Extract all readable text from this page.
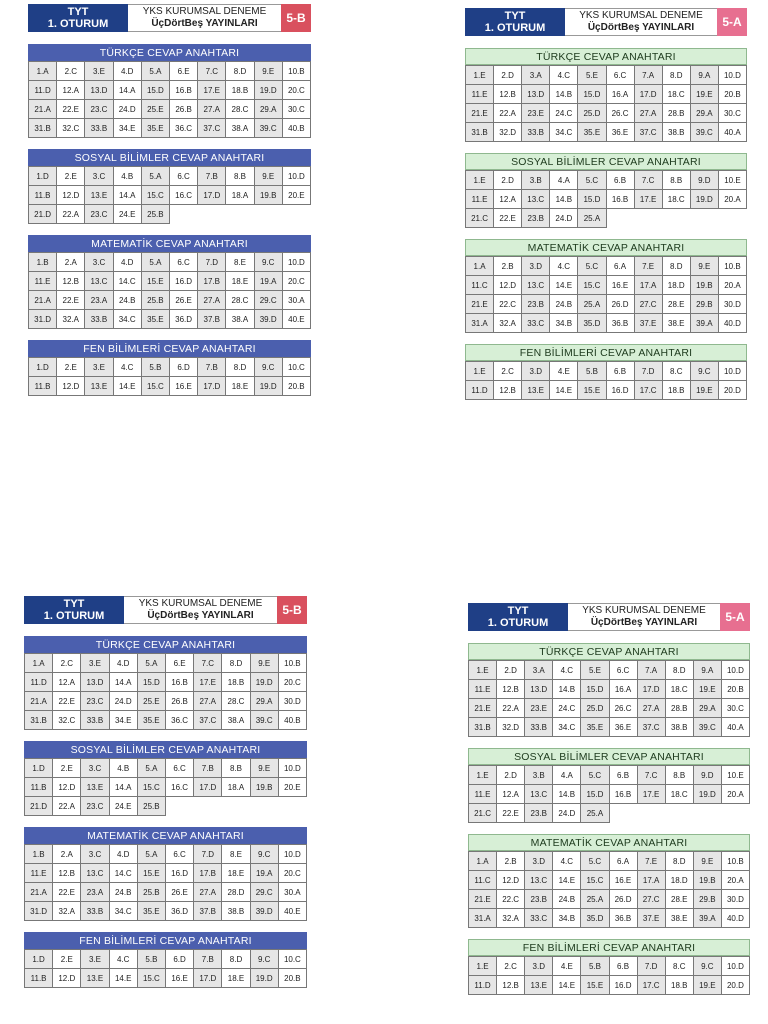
TYT
1. OTURUM
YKS KURUMSAL DENEME
ÜçDörtBeş YAYINLARI	5-B
TÜRKÇE CEVAP ANAHTARI
1.A	2.C	3.E	4.D	5.A	6.E	7.C	8.D	9.E	10.B
11.D	12.A	13.D	14.A	15.D	16.B	17.E	18.B	19.D	20.C
21.A	22.E	23.C	24.D	25.E	26.B	27.A	28.C	29.A	30.C
31.B	32.C	33.B	34.E	35.E	36.C	37.C	38.A	39.C	40.B
SOSYAL BİLİMLER CEVAP ANAHTARI
1.D	2.E	3.C	4.B	5.A	6.C	7.B	8.B	9.E	10.D
11.B	12.D	13.E	14.A	15.C	16.C	17.D	18.A	19.B	20.E
21.D	22.A	23.C	24.E	25.B
MATEMATİK CEVAP ANAHTARI
1.B	2.A	3.C	4.D	5.A	6.C	7.D	8.E	9.C	10.D
11.E	12.B	13.C	14.C	15.E	16.D	17.B	18.E	19.A	20.C
21.A	22.E	23.A	24.B	25.B	26.E	27.A	28.C	29.C	30.A
31.D	32.A	33.B	34.C	35.E	36.D	37.B	38.A	39.D	40.E
FEN BİLİMLERİ CEVAP ANAHTARI
1.D	2.E	3.E	4.C	5.B	6.D	7.B	8.D	9.C	10.C
11.B	12.D	13.E	14.E	15.C	16.E	17.D	18.E	19.D	20.B
TYT
1. OTURUM
YKS KURUMSAL DENEME
ÜçDörtBeş YAYINLARI	5-A
TÜRKÇE CEVAP ANAHTARI
1.E	2.D	3.A	4.C	5.E	6.C	7.A	8.D	9.A	10.D
11.E	12.B	13.D	14.B	15.D	16.A	17.D	18.C	19.E	20.B
21.E	22.A	23.E	24.C	25.D	26.C	27.A	28.B	29.A	30.C
31.B	32.D	33.B	34.C	35.E	36.E	37.C	38.B	39.C	40.A
SOSYAL BİLİMLER CEVAP ANAHTARI
1.E	2.D	3.B	4.A	5.C	6.B	7.C	8.B	9.D	10.E
11.E	12.A	13.C	14.B	15.D	16.B	17.E	18.C	19.D	20.A
21.C	22.E	23.B	24.D	25.A
MATEMATİK CEVAP ANAHTARI
1.A	2.B	3.D	4.C	5.C	6.A	7.E	8.D	9.E	10.B
11.C	12.D	13.C	14.E	15.C	16.E	17.A	18.D	19.B	20.A
21.E	22.C	23.B	24.B	25.A	26.D	27.C	28.E	29.B	30.D
31.A	32.A	33.C	34.B	35.D	36.B	37.E	38.E	39.A	40.D
FEN BİLİMLERİ CEVAP ANAHTARI
1.E	2.C	3.D	4.E	5.B	6.B	7.D	8.C	9.C	10.D
11.D	12.B	13.E	14.E	15.E	16.D	17.C	18.B	19.E	20.D
TYT
1. OTURUM
YKS KURUMSAL DENEME
ÜçDörtBeş YAYINLARI	5-B
TÜRKÇE CEVAP ANAHTARI
1.A	2.C	3.E	4.D	5.A	6.E	7.C	8.D	9.E	10.B
11.D	12.A	13.D	14.A	15.D	16.B	17.E	18.B	19.D	20.C
21.A	22.E	23.C	24.D	25.E	26.B	27.A	28.C	29.A	30.D
31.B	32.C	33.B	34.E	35.E	36.C	37.C	38.A	39.C	40.B
SOSYAL BİLİMLER CEVAP ANAHTARI
1.D	2.E	3.C	4.B	5.A	6.C	7.B	8.B	9.E	10.D
11.B	12.D	13.E	14.A	15.C	16.C	17.D	18.A	19.B	20.E
21.D	22.A	23.C	24.E	25.B
MATEMATİK CEVAP ANAHTARI
1.B	2.A	3.C	4.D	5.A	6.C	7.D	8.E	9.C	10.D
11.E	12.B	13.C	14.C	15.E	16.D	17.B	18.E	19.A	20.C
21.A	22.E	23.A	24.B	25.B	26.E	27.A	28.D	29.C	30.A
31.D	32.A	33.B	34.C	35.E	36.D	37.B	38.B	39.D	40.E
FEN BİLİMLERİ CEVAP ANAHTARI
1.D	2.E	3.E	4.C	5.B	6.D	7.B	8.D	9.C	10.C
11.B	12.D	13.E	14.E	15.C	16.E	17.D	18.E	19.D	20.B
TYT
1. OTURUM
YKS KURUMSAL DENEME
ÜçDörtBeş YAYINLARI	5-A
TÜRKÇE CEVAP ANAHTARI
1.E	2.D	3.A	4.C	5.E	6.C	7.A	8.D	9.A	10.D
11.E	12.B	13.D	14.B	15.D	16.A	17.D	18.C	19.E	20.B
21.E	22.A	23.E	24.C	25.D	26.C	27.A	28.B	29.A	30.C
31.B	32.D	33.B	34.C	35.E	36.E	37.C	38.B	39.C	40.A
SOSYAL BİLİMLER CEVAP ANAHTARI
1.E	2.D	3.B	4.A	5.C	6.B	7.C	8.B	9.D	10.E
11.E	12.A	13.C	14.B	15.D	16.B	17.E	18.C	19.D	20.A
21.C	22.E	23.B	24.D	25.A
MATEMATİK CEVAP ANAHTARI
1.A	2.B	3.D	4.C	5.C	6.A	7.E	8.D	9.E	10.B
11.C	12.D	13.C	14.E	15.C	16.E	17.A	18.D	19.B	20.A
21.E	22.C	23.B	24.B	25.A	26.D	27.C	28.E	29.B	30.D
31.A	32.A	33.C	34.B	35.D	36.B	37.E	38.E	39.A	40.D
FEN BİLİMLERİ CEVAP ANAHTARI
1.E	2.C	3.D	4.E	5.B	6.B	7.D	8.C	9.C	10.D
11.D	12.B	13.E	14.E	15.E	16.D	17.C	18.B	19.E	20.D
